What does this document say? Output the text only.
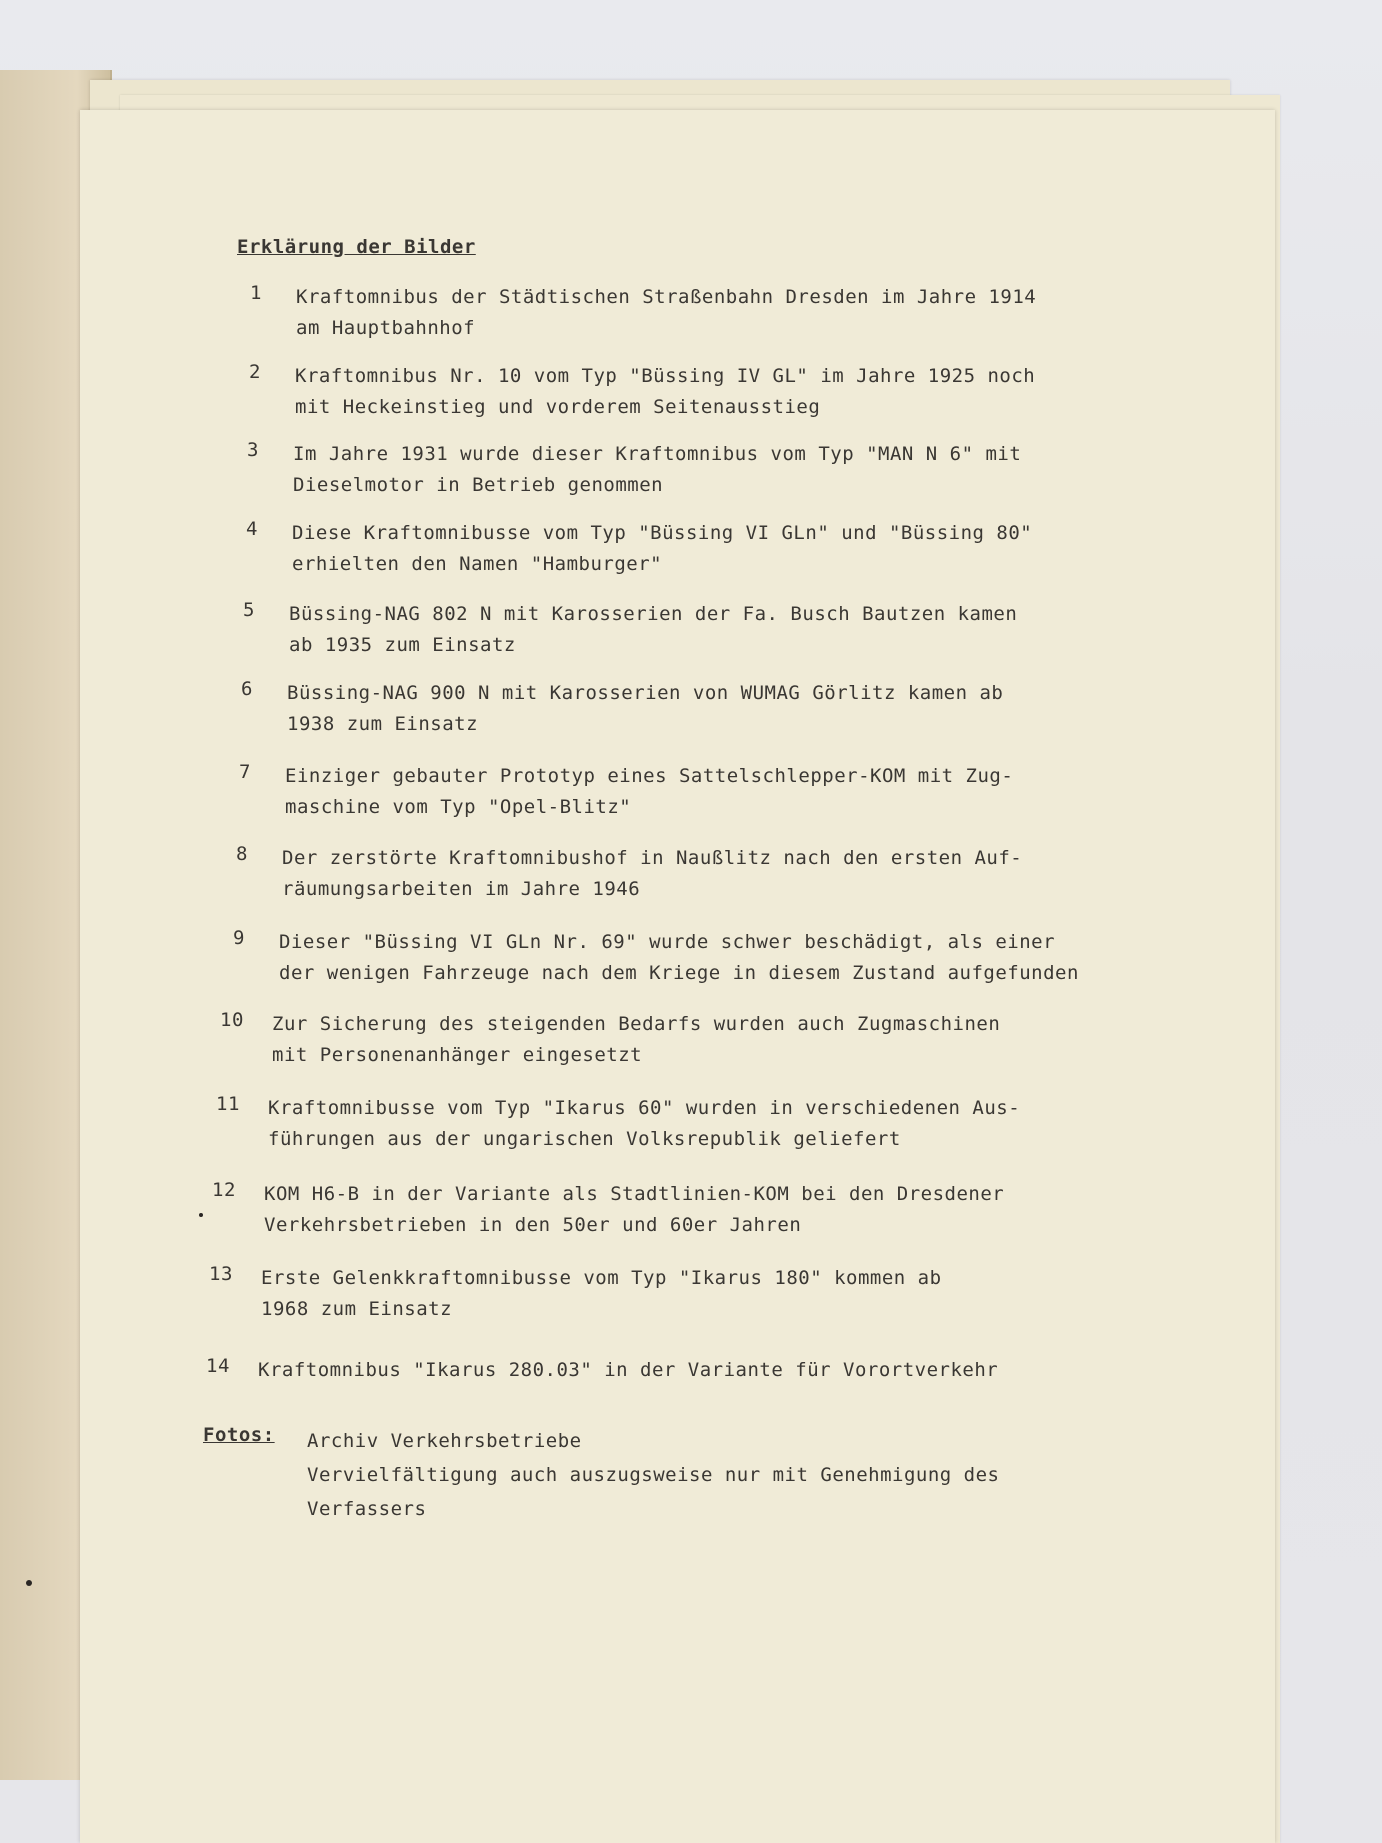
Erklärung der Bilder
1	Kraftomnibus der Städtischen Straßenbahn Dresden im Jahre 1914
am Hauptbahnhof
2	Kraftomnibus Nr. 10 vom Typ "Büssing IV GL" im Jahre 1925 noch
mit Heckeinstieg und vorderem Seitenausstieg
3	Im Jahre 1931 wurde dieser Kraftomnibus vom Typ "MAN N 6" mit
Dieselmotor in Betrieb genommen
4	Diese Kraftomnibusse vom Typ "Büssing VI GLn" und "Büssing 80"
erhielten den Namen "Hamburger"
5	Büssing-NAG 802 N mit Karosserien der Fa. Busch Bautzen kamen
ab 1935 zum Einsatz
6	Büssing-NAG 900 N mit Karosserien von WUMAG Görlitz kamen ab
1938 zum Einsatz
7	Einziger gebauter Prototyp eines Sattelschlepper-KOM mit Zug-
maschine vom Typ "Opel-Blitz"
8	Der zerstörte Kraftomnibushof in Naußlitz nach den ersten Auf-
räumungsarbeiten im Jahre 1946
9	Dieser "Büssing VI GLn Nr. 69" wurde schwer beschädigt, als einer
der wenigen Fahrzeuge nach dem Kriege in diesem Zustand aufgefunden
10	Zur Sicherung des steigenden Bedarfs wurden auch Zugmaschinen
mit Personenanhänger eingesetzt
11	Kraftomnibusse vom Typ "Ikarus 60" wurden in verschiedenen Aus-
führungen aus der ungarischen Volksrepublik geliefert
12	KOM H6-B in der Variante als Stadtlinien-KOM bei den Dresdener
Verkehrsbetrieben in den 50er und 60er Jahren
13	Erste Gelenkkraftomnibusse vom Typ "Ikarus 180" kommen ab
1968 zum Einsatz
14	Kraftomnibus "Ikarus 280.03" in der Variante für Vorortverkehr
Fotos: Archiv Verkehrsbetriebe
Vervielfältigung auch auszugsweise nur mit Genehmigung des
Verfassers
